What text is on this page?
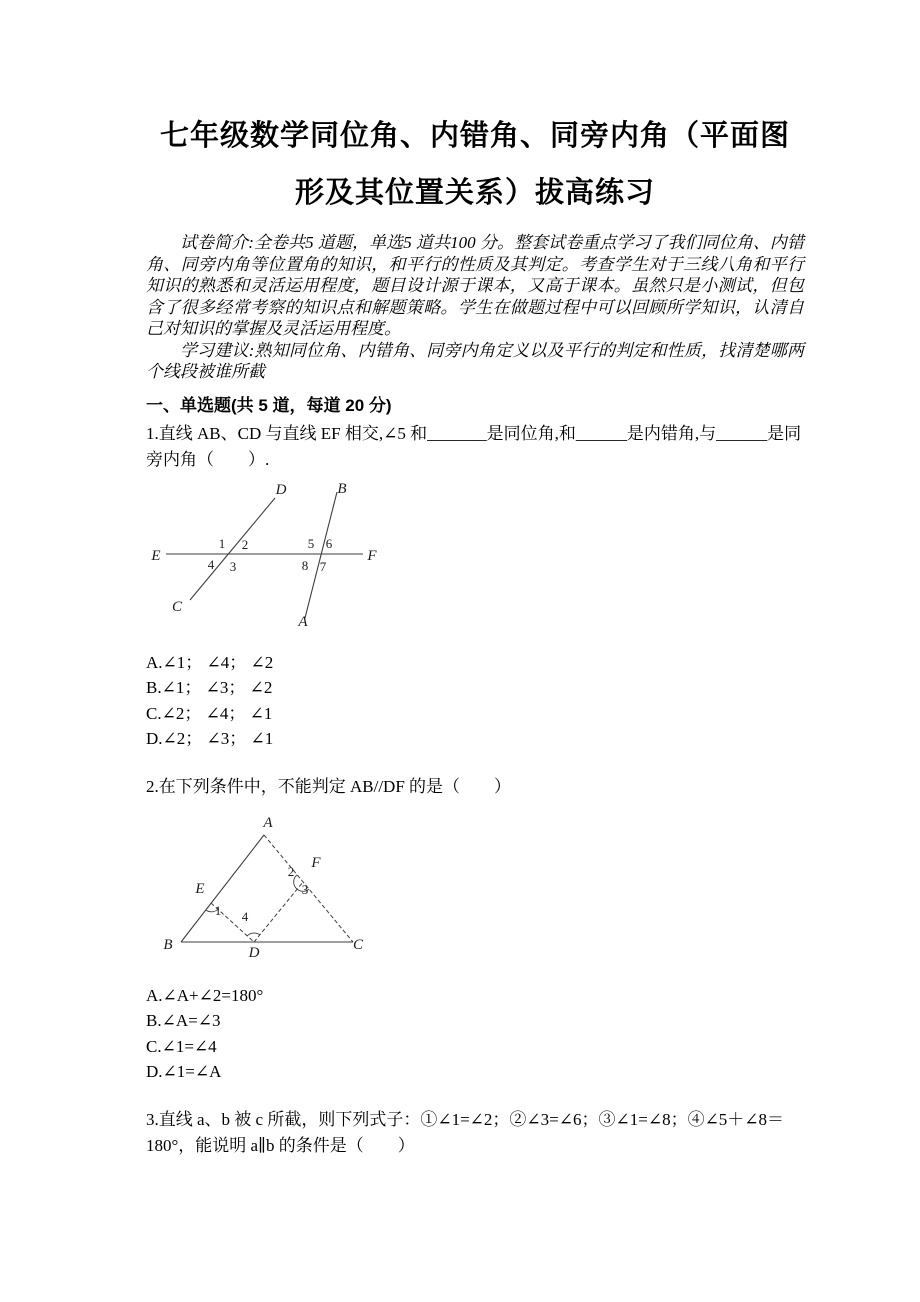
七年级数学同位角、内错角、同旁内角（平面图形及其位置关系）拔高练习

试卷简介:全卷共5 道题，单选5 道共100 分。整套试卷重点学习了我们同位角、内错角、同旁内角等位置角的知识，和平行的性质及其判定。考查学生对于三线八角和平行知识的熟悉和灵活运用程度，题目设计源于课本，又高于课本。虽然只是小测试，但包含了很多经常考察的知识点和解题策略。学生在做题过程中可以回顾所学知识，认清自己对知识的掌握及灵活运用程度。

学习建议:熟知同位角、内错角、同旁内角定义以及平行的判定和性质，找清楚哪两个线段被谁所截

一、单选题(共 5 道，每道 20 分)

1.直线 AB、CD 与直线 EF 相交,∠5 和_______是同位角,和______是内错角,与______是同旁内角（　　）.

D	B
E	F
C
A
1 2
4 3
5 6
8 7
A.∠1； ∠4； ∠2
B.∠1； ∠3； ∠2
C.∠2； ∠4； ∠1
D.∠2； ∠3； ∠1

2.在下列条件中，不能判定 AB//DF 的是（　　）

A
B	C
D
E
F
1 4
2
3
A.∠A+∠2=180°
B.∠A=∠3
C.∠1=∠4
D.∠1=∠A

3.直线 a、b 被 c 所截，则下列式子：①∠1=∠2；②∠3=∠6；③∠1=∠8；④∠5＋∠8＝180°，能说明 a∥b 的条件是（　　）
